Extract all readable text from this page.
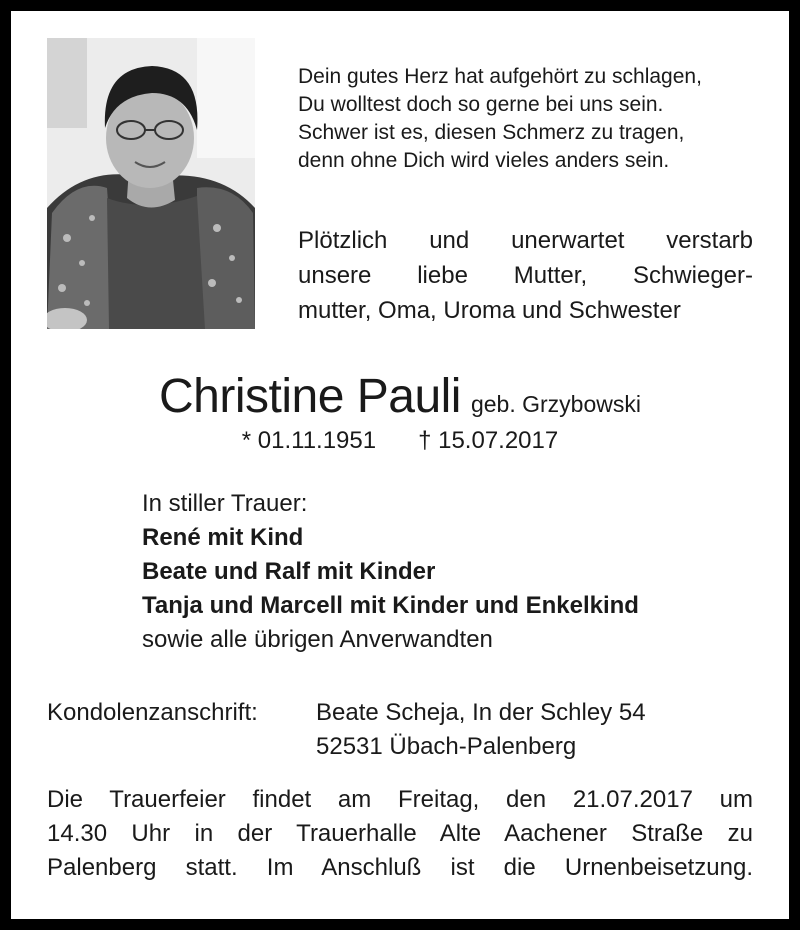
Dein gutes Herz hat aufgehört zu schlagen,
Du wolltest doch so gerne bei uns sein.
Schwer ist es, diesen Schmerz zu tragen,
denn ohne Dich wird vieles anders sein.
Plötzlich und unerwartet verstarb
unsere liebe Mutter, Schwieger-
mutter, Oma, Uroma und Schwester
Christine Pauli geb. Grzybowski
* 01.11.1951 † 15.07.2017
In stiller Trauer:
René mit Kind
Beate und Ralf mit Kinder
Tanja und Marcell mit Kinder und Enkelkind
sowie alle übrigen Anverwandten
Kondolenzanschrift: Beate Scheja, In der Schley 54
52531 Übach-Palenberg
Die Trauerfeier findet am Freitag, den 21.07.2017 um
14.30 Uhr in der Trauerhalle Alte Aachener Straße zu
Palenberg statt. Im Anschluß ist die Urnenbeisetzung.
